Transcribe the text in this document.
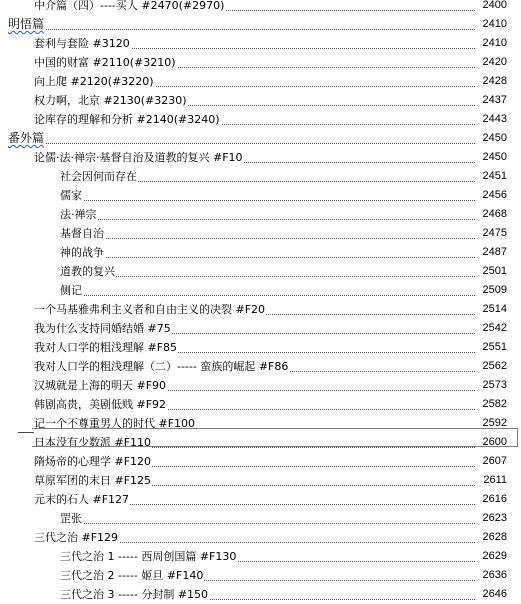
中介篇（四）----买人 #2470(#2970)	2400
明悟篇	2410
套利与套险 #3120	2410
中国的财富 #2110(#3210)	2420
向上爬 #2120(#3220)	2428
权力啊，北京 #2130(#3230)	2437
论库存的理解和分析 #2140(#3240)	2443
番外篇	2450
论儒·法·禅宗·基督自治及道教的复兴 #F10	2450
社会因何而存在	2451
儒家	2456
法·禅宗	2468
基督自治	2475
神的战争	2487
道教的复兴	2501
侧记	2509
一个马基雅弗利主义者和自由主义的决裂 #F20	2514
我为什么支持同婚结婚 #75	2542
我对人口学的粗浅理解 #F85	2551
我对人口学的粗浅理解（二）----- 蛮族的崛起 #F86	2562
汉城就是上海的明天 #F90	2573
韩剧高贵，美剧低贱 #F92	2582
记一个不尊重男人的时代 #F100	2592
日本没有少数派 #F110	2600
隋炀帝的心理学 #F120	2607
草原军团的末日 #F125	2611
元末的石人 #F127	2616
罡张	2623
三代之治 #F129	2628
三代之治 1 ----- 西周创国篇 #F130	2629
三代之治 2 ----- 姬旦 #F140	2636
三代之治 3 ----- 分封制 #150	2646
